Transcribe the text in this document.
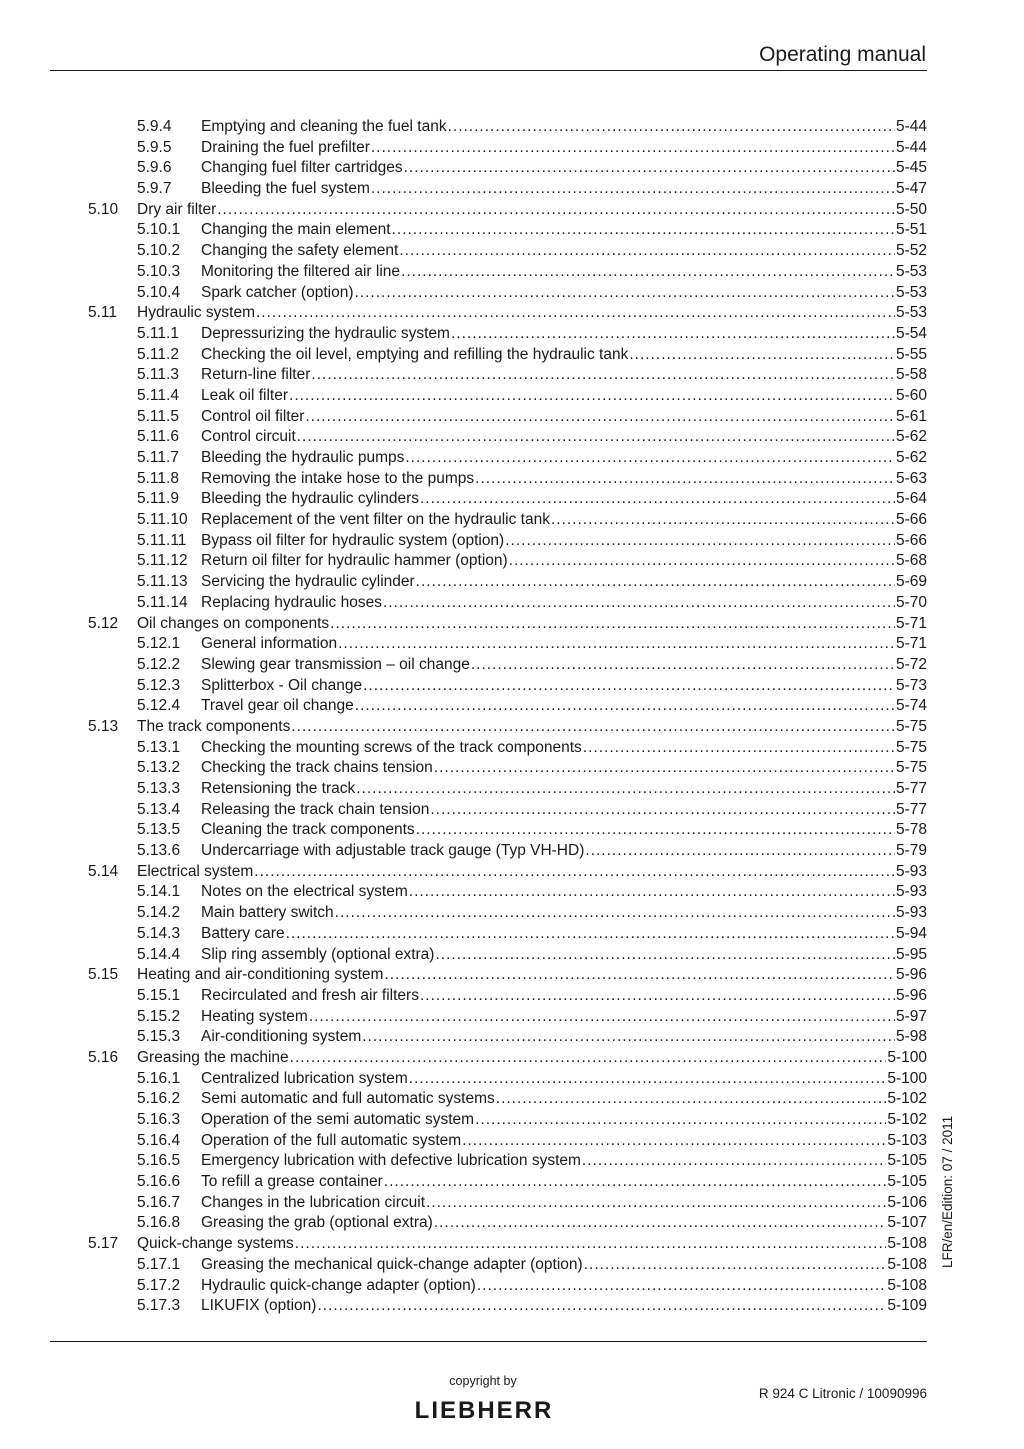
Operating manual
5.9.4 Emptying and cleaning the fuel tank .....	5-44
5.9.5 Draining the fuel prefilter .....	5-44
5.9.6 Changing fuel filter cartridges .....	5-45
5.9.7 Bleeding the fuel system .....	5-47
5.10 Dry air filter .....	5-50
5.10.1 Changing the main element .....	5-51
5.10.2 Changing the safety element .....	5-52
5.10.3 Monitoring the filtered air line .....	5-53
5.10.4 Spark catcher (option) .....	5-53
5.11 Hydraulic system .....	5-53
5.11.1 Depressurizing the hydraulic system .....	5-54
5.11.2 Checking the oil level, emptying and refilling the hydraulic tank .....	5-55
5.11.3 Return-line filter .....	5-58
5.11.4 Leak oil filter .....	5-60
5.11.5 Control oil filter .....	5-61
5.11.6 Control circuit .....	5-62
5.11.7 Bleeding the hydraulic pumps .....	5-62
5.11.8 Removing the intake hose to the pumps .....	5-63
5.11.9 Bleeding the hydraulic cylinders .....	5-64
5.11.10 Replacement of the vent filter on the hydraulic tank .....	5-66
5.11.11 Bypass oil filter for hydraulic system (option) .....	5-66
5.11.12 Return oil filter for hydraulic hammer (option) .....	5-68
5.11.13 Servicing the hydraulic cylinder .....	5-69
5.11.14 Replacing hydraulic hoses .....	5-70
5.12 Oil changes on components .....	5-71
5.12.1 General information .....	5-71
5.12.2 Slewing gear transmission – oil change .....	5-72
5.12.3 Splitterbox - Oil change .....	5-73
5.12.4 Travel gear oil change .....	5-74
5.13 The track components .....	5-75
5.13.1 Checking the mounting screws of the track components .....	5-75
5.13.2 Checking the track chains tension .....	5-75
5.13.3 Retensioning the track .....	5-77
5.13.4 Releasing the track chain tension .....	5-77
5.13.5 Cleaning the track components .....	5-78
5.13.6 Undercarriage with adjustable track gauge (Typ VH-HD) .....	5-79
5.14 Electrical system .....	5-93
5.14.1 Notes on the electrical system .....	5-93
5.14.2 Main battery switch .....	5-93
5.14.3 Battery care .....	5-94
5.14.4 Slip ring assembly (optional extra) .....	5-95
5.15 Heating and air-conditioning system .....	5-96
5.15.1 Recirculated and fresh air filters .....	5-96
5.15.2 Heating system .....	5-97
5.15.3 Air-conditioning system .....	5-98
5.16 Greasing the machine .....	5-100
5.16.1 Centralized lubrication system .....	5-100
5.16.2 Semi automatic and full automatic systems .....	5-102
5.16.3 Operation of the semi automatic system .....	5-102
5.16.4 Operation of the full automatic system .....	5-103
5.16.5 Emergency lubrication with defective lubrication system .....	5-105
5.16.6 To refill a grease container .....	5-105
5.16.7 Changes in the lubrication circuit .....	5-106
5.16.8 Greasing the grab (optional extra) .....	5-107
5.17 Quick-change systems .....	5-108
5.17.1 Greasing the mechanical quick-change adapter (option) .....	5-108
5.17.2 Hydraulic quick-change adapter (option) .....	5-108
5.17.3 LIKUFIX (option) .....	5-109
LFR/en/Edition: 07 / 2011
copyright by
LIEBHERR
R 924 C Litronic / 10090996
